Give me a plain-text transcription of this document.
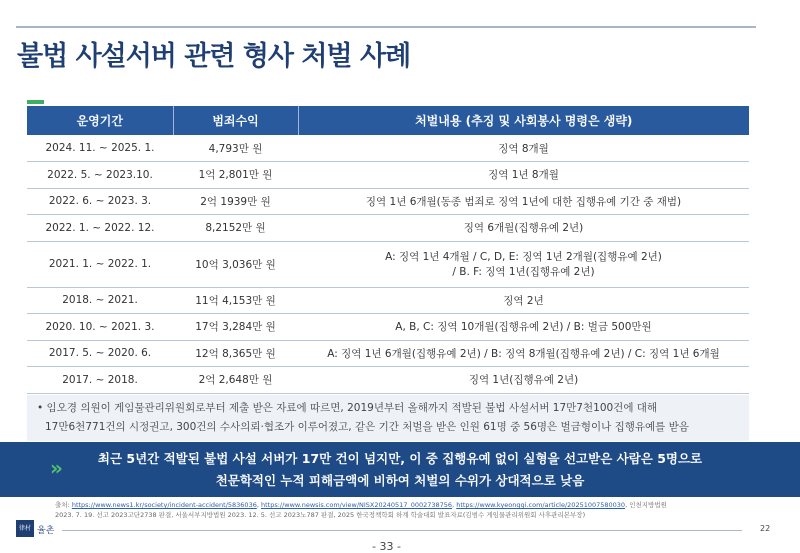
불법 사설서버 관련 형사 처벌 사례
운영기간	범죄수익	처벌내용 (추징 및 사회봉사 명령은 생략)
2024. 11. ~ 2025. 1.	4,793만 원	징역 8개월

2022. 5. ~ 2023.10.	1억 2,801만 원	징역 1년 8개월

2022. 6. ~ 2023. 3.	2억 1939만 원	징역 1년 6개월(동종 범죄로 징역 1년에 대한 집행유예 기간 중 재범)

2022. 1. ~ 2022. 12.	8,2152만 원	징역 6개월(집행유예 2년)

2021. 1. ~ 2022. 1.	10억 3,036만 원	A: 징역 1년 4개월 / C, D, E: 징역 1년 2개월(집행유예 2년)
/ B. F: 징역 1년(집행유예 2년)

2018. ~ 2021.	11억 4,153만 원	징역 2년

2020. 10. ~ 2021. 3.	17억 3,284만 원	A, B, C: 징역 10개월(집행유예 2년) / B: 벌금 500만원

2017. 5. ~ 2020. 6.	12억 8,365만 원	A: 징역 1년 6개월(집행유예 2년) / B: 징역 8개월(집행유예 2년) / C: 징역 1년 6개월

2017. ~ 2018.	2억 2,648만 원	징역 1년(집행유예 2년)
• 임오경 의원이 게임물관리위원회로부터 제출 받은 자료에 따르면, 2019년부터 올해까지 적발된 불법 사설서버 17만7천100건에 대해
17만6천771건의 시정권고, 300건의 수사의뢰·협조가 이루어졌고, 같은 기간 처벌을 받은 인원 61명 중 56명은 벌금형이나 집행유예를 받음
»	최근 5년간 적발된 불법 사설 서버가 17만 건이 넘지만, 이 중 집행유예 없이 실형을 선고받은 사람은 5명으로
천문학적인 누적 피해금액에 비하여 처벌의 수위가 상대적으로 낮음
출처: https://www.news1.kr/society/incident-accident/5836036, https://www.newsis.com/view/NISX20240517_0002738756, https://www.kyeonggi.com/article/20251007580030, 인천지방법원
2023. 7. 19. 선고 2023고단2738 판결, 서울서부지방법원 2023. 12. 5. 선고 2023노787 판결, 2025 한국정책학회 하계 학술대회 발표자료(김범수 게임물관리위원회 사후관리본부장)
律村 율촌	22
- 33 -
